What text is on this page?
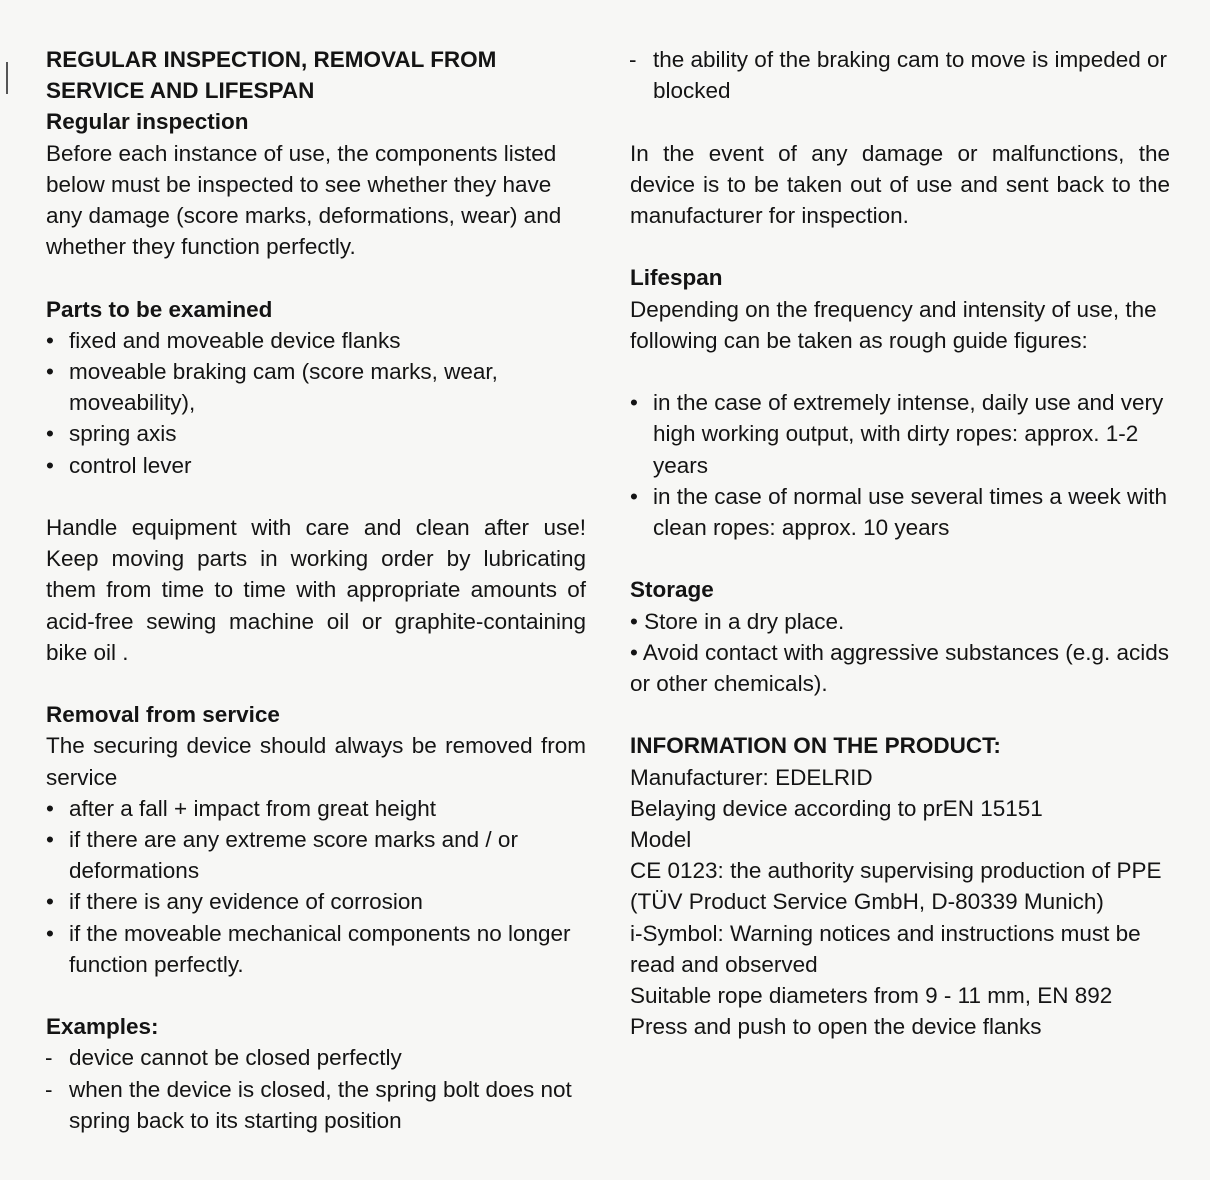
REGULAR INSPECTION, REMOVAL FROM SERVICE AND LIFESPAN
Regular inspection
Before each instance of use, the components listed below must be inspected to see whether they have any damage (score marks, deformations, wear) and whether they function perfectly.
Parts to be examined
• fixed and moveable device flanks
• moveable braking cam (score marks, wear, moveability),
• spring axis
• control lever
Handle equipment with care and clean after use! Keep moving parts in working order by lubricating them from time to time with appropriate amounts of acid-free sewing machine oil or graphite-containing bike oil .
Removal from service
The securing device should always be removed from service
• after a fall + impact from great height
• if there are any extreme score marks and / or deformations
• if there is any evidence of corrosion
• if the moveable mechanical components no longer function perfectly.
Examples:
- device cannot be closed perfectly
- when the device is closed, the spring bolt does not spring back to its starting position
- the ability of the braking cam to move is impeded or blocked
In the event of any damage or malfunctions, the device is to be taken out of use and sent back to the manufacturer for inspection.
Lifespan
Depending on the frequency and intensity of use, the following can be taken as rough guide figures:
• in the case of extremely intense, daily use and very high working output, with dirty ropes: approx. 1-2 years
• in the case of normal use several times a week with clean ropes: approx. 10 years
Storage
• Store in a dry place.
• Avoid contact with aggressive substances (e.g. acids or other chemicals).
INFORMATION ON THE PRODUCT:
Manufacturer: EDELRID
Belaying device according to prEN 15151
Model
CE 0123: the authority supervising production of PPE (TÜV Product Service GmbH, D-80339 Munich)
i-Symbol: Warning notices and instructions must be read and observed
Suitable rope diameters from 9 - 11 mm, EN 892
Press and push to open the device flanks
